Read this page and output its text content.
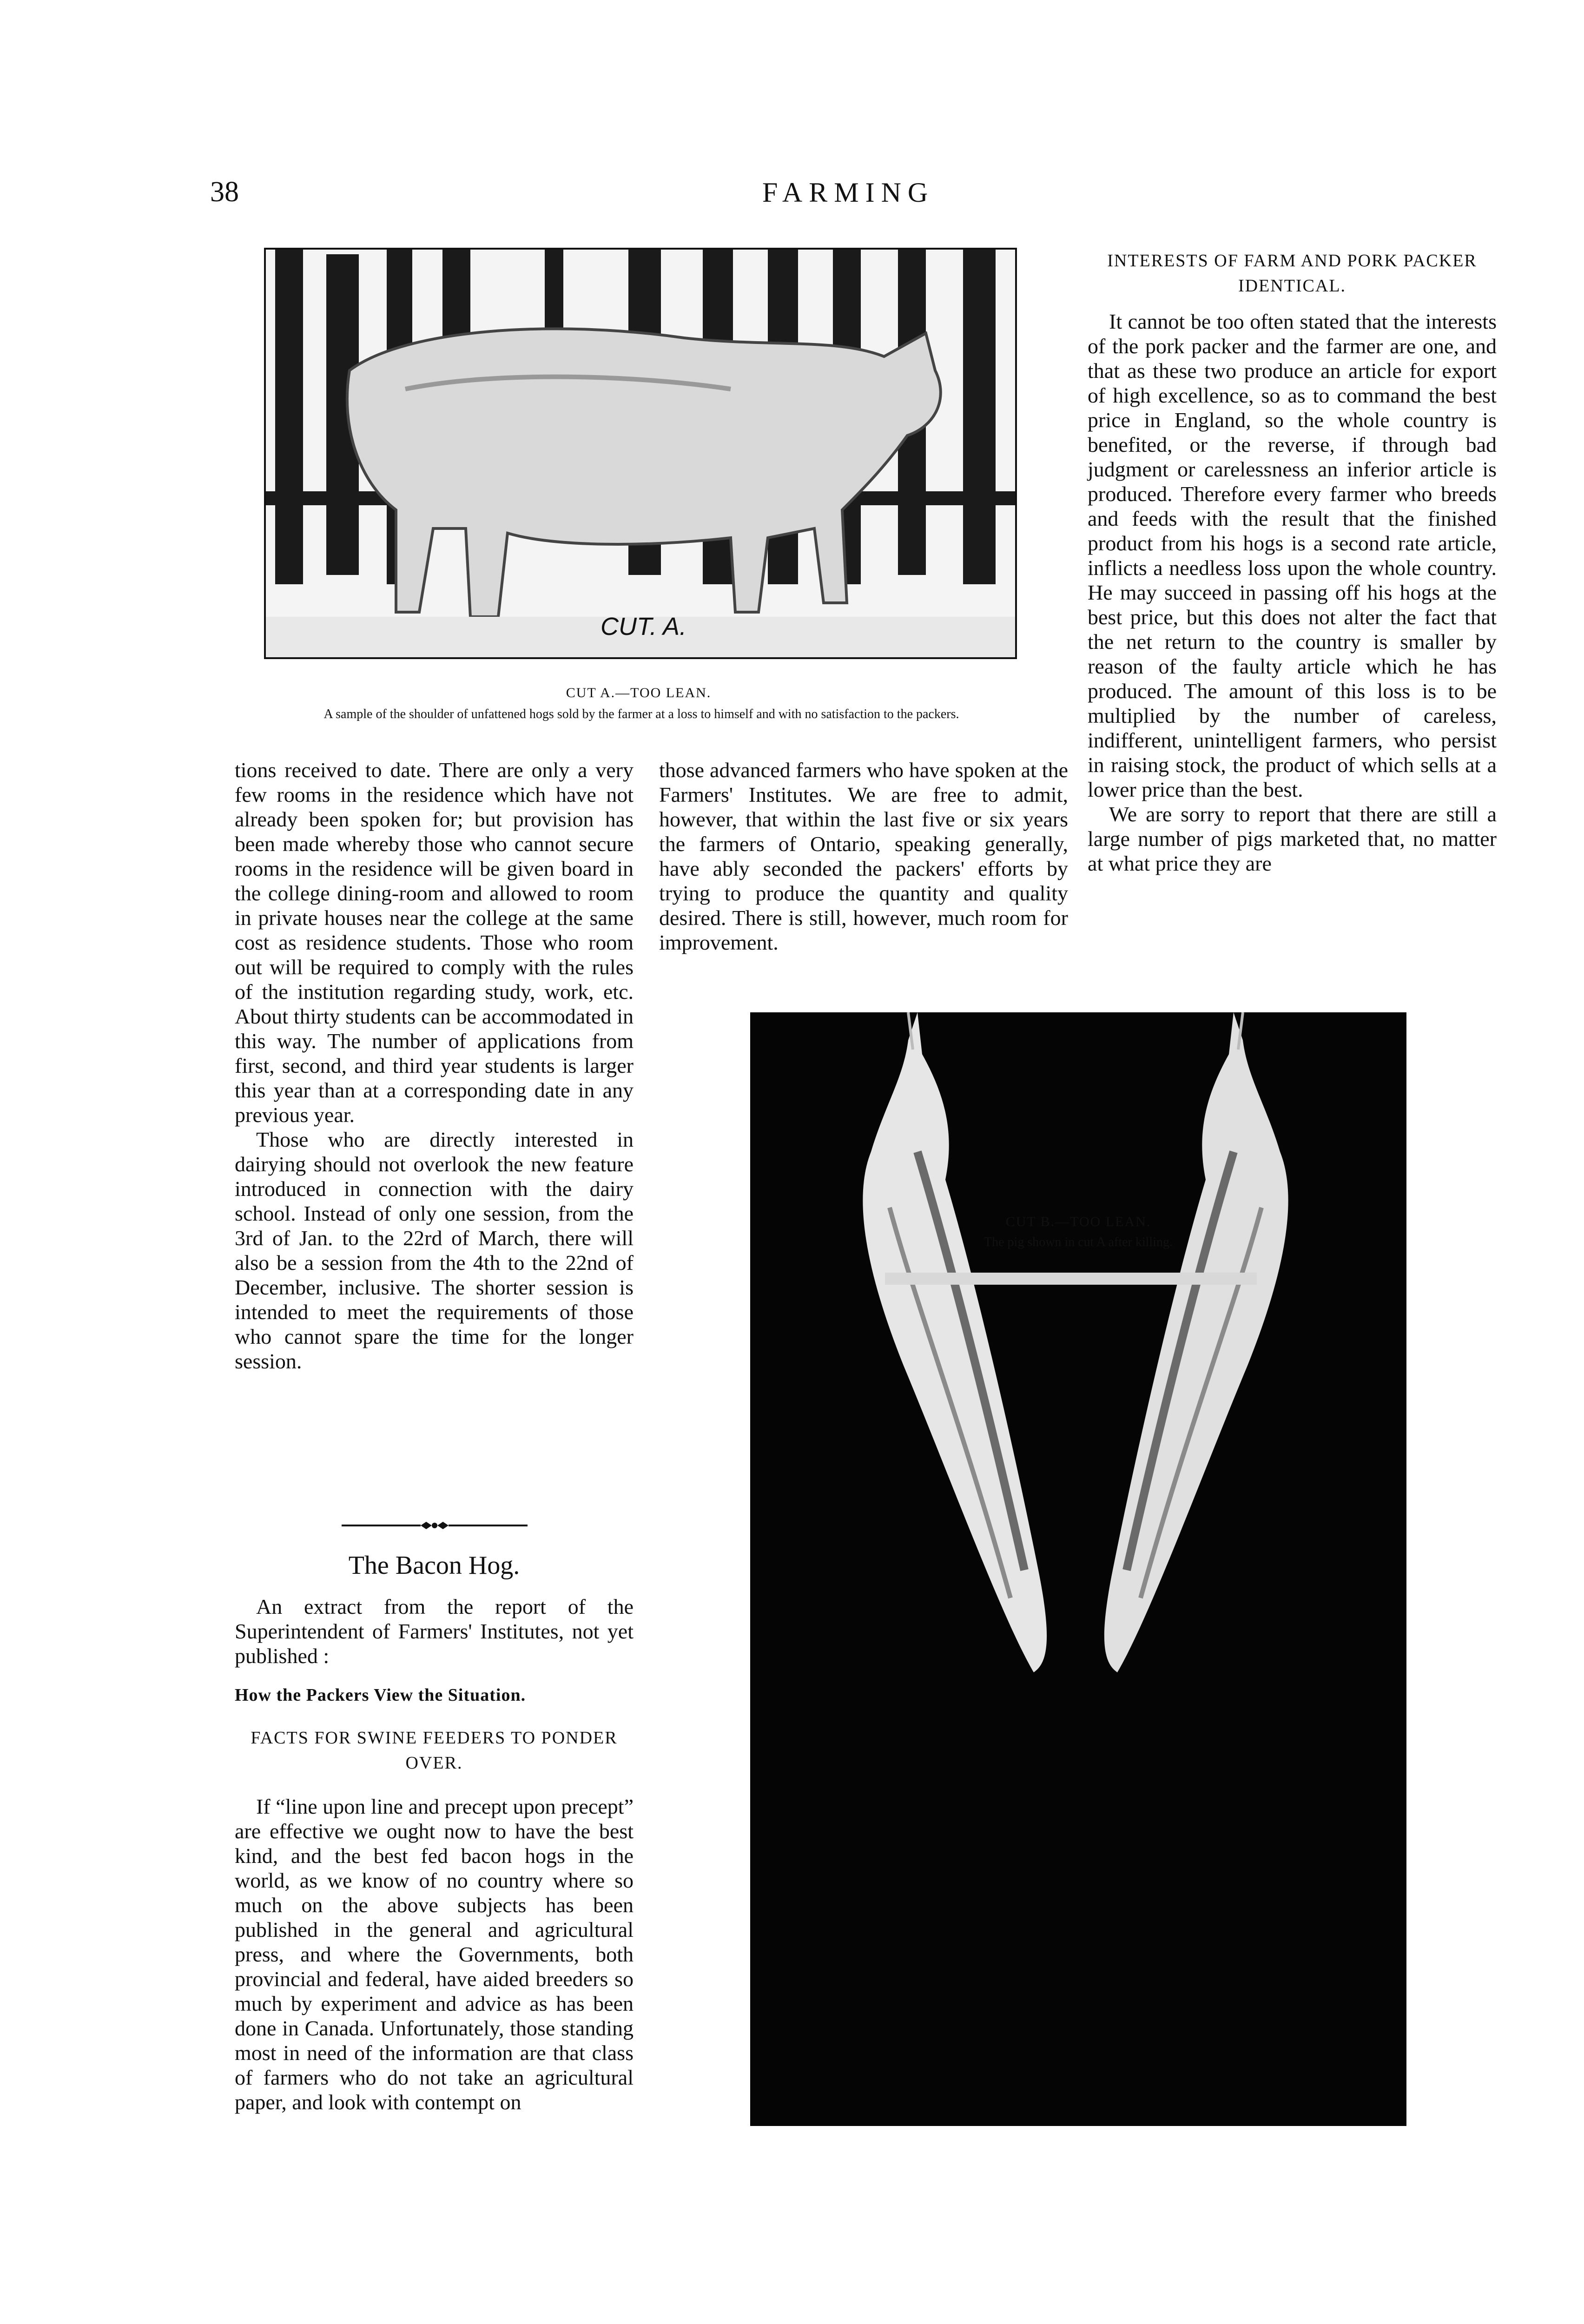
38	FARMING
CUT. A.
CUT A.—TOO LEAN.
A sample of the shoulder of unfattened hogs sold by the farmer at a loss to himself and with no satisfaction to the packers.

tions received to date. There are only a very few rooms in the residence which have not already been spoken for; but provision has been made whereby those who cannot secure rooms in the residence will be given board in the college dining-room and allowed to room in private houses near the college at the same cost as residence students. Those who room out will be required to comply with the rules of the institution regarding study, work, etc. About thirty students can be accommodated in this way. The number of applications from first, second, and third year students is larger this year than at a corresponding date in any previous year.

Those who are directly interested in dairying should not overlook the new feature introduced in connection with the dairy school. Instead of only one session, from the 3rd of Jan. to the 22rd of March, there will also be a session from the 4th to the 22nd of December, inclusive. The shorter session is intended to meet the requirements of those who cannot spare the time for the longer session.

The Bacon Hog.

An extract from the report of the Superintendent of Farmers' Institutes, not yet published :

How the Packers View the Situation.
FACTS FOR SWINE FEEDERS TO PONDER OVER.

If “line upon line and precept upon precept” are effective we ought now to have the best kind, and the best fed bacon hogs in the world, as we know of no country where so much on the above subjects has been published in the general and agricultural press, and where the Governments, both provincial and federal, have aided breeders so much by experiment and advice as has been done in Canada. Unfortunately, those standing most in need of the information are that class of farmers who do not take an agricultural paper, and look with contempt on

those advanced farmers who have spoken at the Farmers' Institutes. We are free to admit, however, that within the last five or six years the farmers of Ontario, speaking generally, have ably seconded the packers' efforts by trying to produce the quantity and quality desired. There is still, however, much room for improvement.

INTERESTS OF FARM AND PORK PACKER IDENTICAL.

It cannot be too often stated that the interests of the pork packer and the farmer are one, and that as these two produce an article for export of high excellence, so as to command the best price in England, so the whole country is benefited, or the reverse, if through bad judgment or carelessness an inferior article is produced. Therefore every farmer who breeds and feeds with the result that the finished product from his hogs is a second rate article, inflicts a needless loss upon the whole country. He may succeed in passing off his hogs at the best price, but this does not alter the fact that the net return to the country is smaller by reason of the faulty article which he has produced. The amount of this loss is to be multiplied by the number of careless, indifferent, unintelligent farmers, who persist in raising stock, the product of which sells at a lower price than the best.

We are sorry to report that there are still a large number of pigs marketed that, no matter at what price they are

CUT B.—TOO LEAN.
The pig shown in cut A after killing.
